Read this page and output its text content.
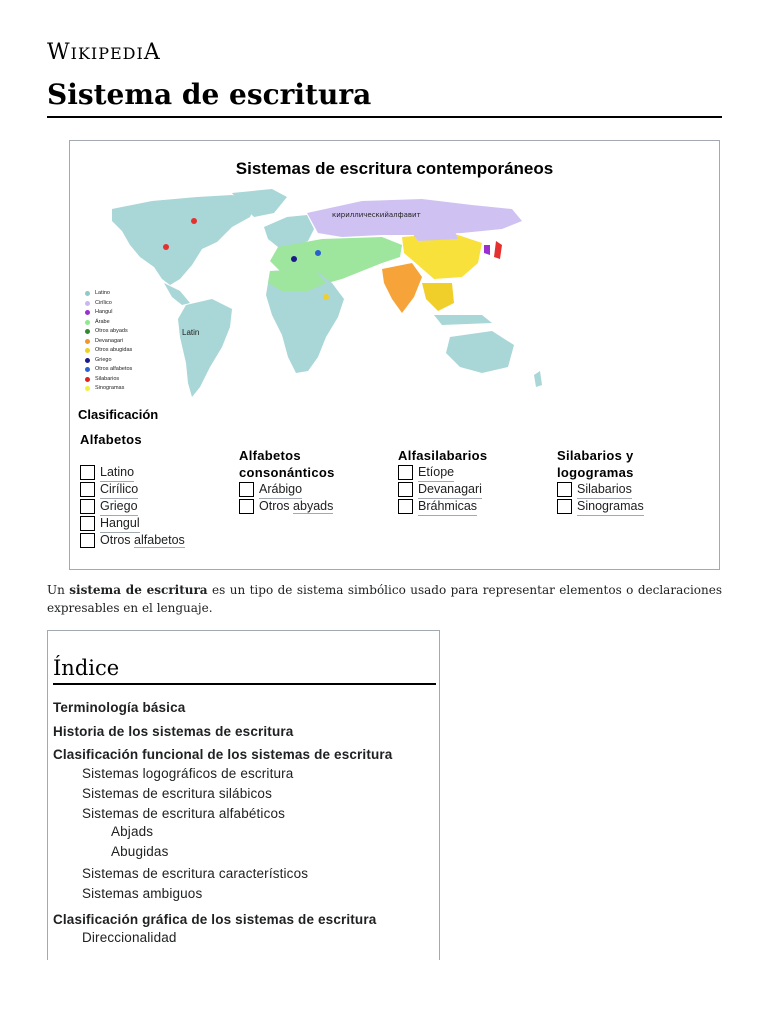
WIKIPEDIA
Sistema de escritura
Sistemas de escritura contemporáneos
Latin
кириллическийалфавит
Latino
Cirílico
Hangul
Árabe
Otros abyads
Devanagari
Otros abugidas
Griego
Otros alfabetos
Silabarios
Sinogramas
Clasificación
Alfabetos
Latino
Cirílico
Griego
Hangul
Otros alfabetos
Alfabetos
consonánticos
Arábigo
Otros abyads
Alfasilabarios
Etíope
Devanagari
Bráhmicas
Silabarios y
logogramas
Silabarios
Sinogramas
Un sistema de escritura es un tipo de sistema simbólico usado para representar elementos o declaraciones expresables en el lenguaje.
Índice
Terminología básica
Historia de los sistemas de escritura
Clasificación funcional de los sistemas de escritura
Sistemas logográficos de escritura
Sistemas de escritura silábicos
Sistemas de escritura alfabéticos
Abjads
Abugidas
Sistemas de escritura característicos
Sistemas ambiguos
Clasificación gráfica de los sistemas de escritura
Direccionalidad
